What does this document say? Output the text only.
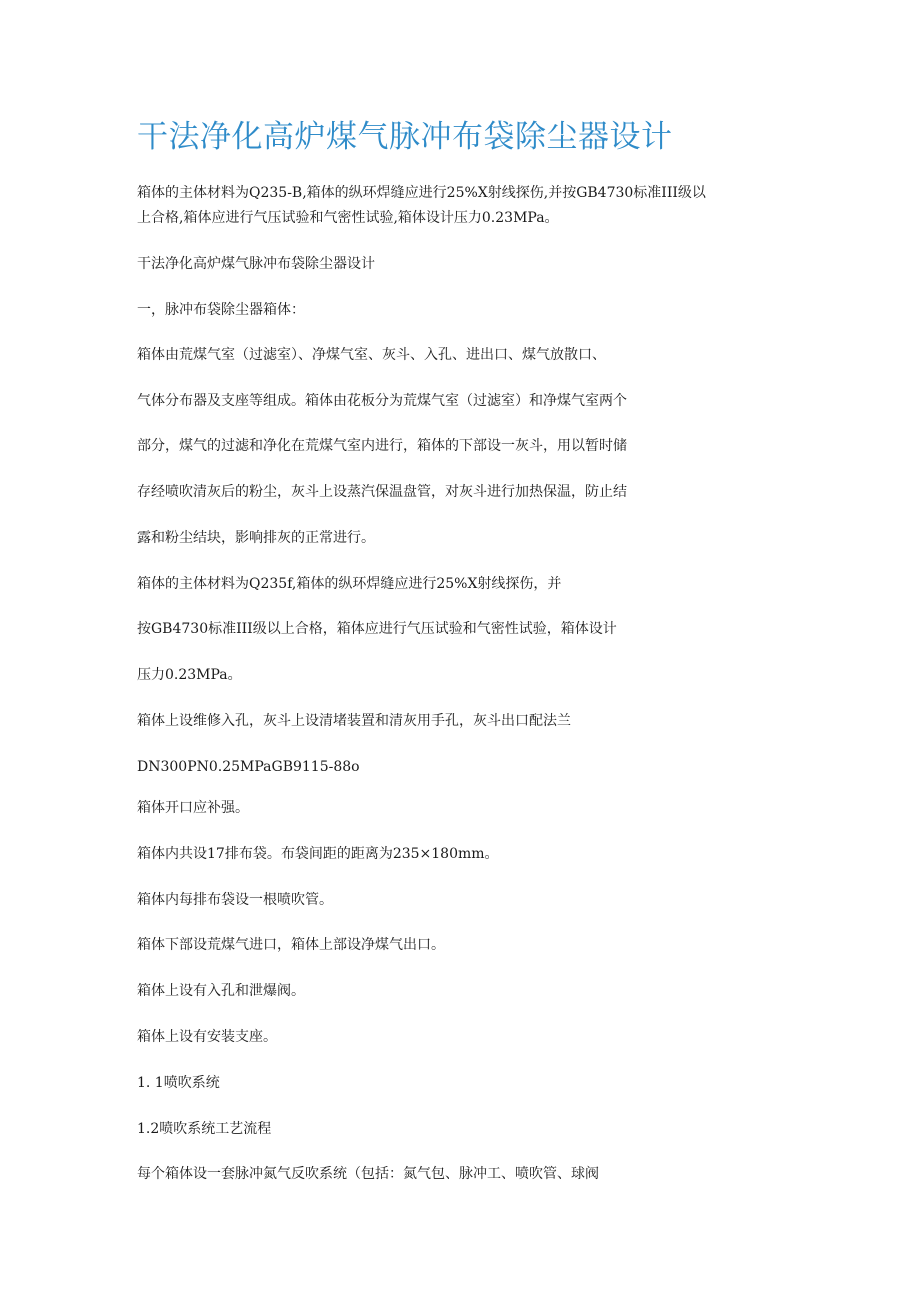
干法净化高炉煤气脉冲布袋除尘器设计

箱体的主体材料为Q235-B,箱体的纵环焊缝应进行25%X射线探伤,并按GB4730标准III级以

上合格,箱体应进行气压试验和气密性试验,箱体设计压力0.23MPa。

干法净化高炉煤气脉冲布袋除尘器设计

一，脉冲布袋除尘器箱体：

箱体由荒煤气室（过滤室）、净煤气室、灰斗、入孔、进出口、煤气放散口、

气体分布器及支座等组成。箱体由花板分为荒煤气室（过滤室）和净煤气室两个

部分，煤气的过滤和净化在荒煤气室内进行，箱体的下部设一灰斗，用以暂时储

存经喷吹清灰后的粉尘，灰斗上设蒸汽保温盘管，对灰斗进行加热保温，防止结

露和粉尘结块，影响排灰的正常进行。

箱体的主体材料为Q235f,箱体的纵环焊缝应进行25%X射线探伤，并

按GB4730标准III级以上合格，箱体应进行气压试验和气密性试验，箱体设计

压力0.23MPa。

箱体上设维修入孔，灰斗上设清堵装置和清灰用手孔，灰斗出口配法兰

DN300PN0.25MPaGB9115-88o

箱体开口应补强。

箱体内共设17排布袋。布袋间距的距离为235×180mm。

箱体内每排布袋设一根喷吹管。

箱体下部设荒煤气进口，箱体上部设净煤气出口。

箱体上设有入孔和泄爆阀。

箱体上设有安装支座。

1. 1喷吹系统

1.2喷吹系统工艺流程

每个箱体设一套脉冲氮气反吹系统（包括：氮气包、脉冲工、喷吹管、球阀
